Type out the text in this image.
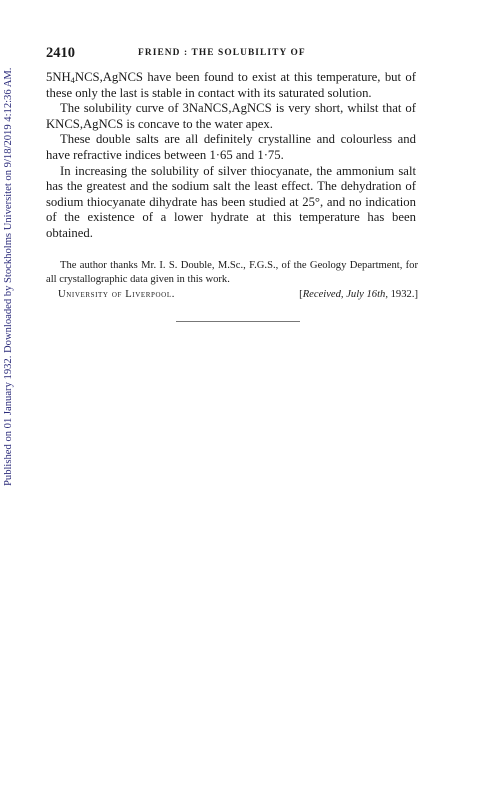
Published on 01 January 1932. Downloaded by Stockholms Universitet on 9/18/2019 4:12:36 AM.
2410	FRIEND : THE SOLUBILITY OF

$5NH_4NCS,AgNCS$ have been found to exist at this temperature, but of these only the last is stable in contact with its saturated solution.

The solubility curve of 3NaNCS,AgNCS is very short, whilst that of KNCS,AgNCS is concave to the water apex.

These double salts are all definitely crystalline and colourless and have refractive indices between 1·65 and 1·75.

In increasing the solubility of silver thiocyanate, the ammonium salt has the greatest and the sodium salt the least effect. The dehydration of sodium thiocyanate dihydrate has been studied at 25°, and no indication of the existence of a lower hydrate at this temperature has been obtained.

The author thanks Mr. I. S. Double, M.Sc., F.G.S., of the Geology Department, for all crystallographic data given in this work.

University of Liverpool.	[Received, July 16th, 1932.]
